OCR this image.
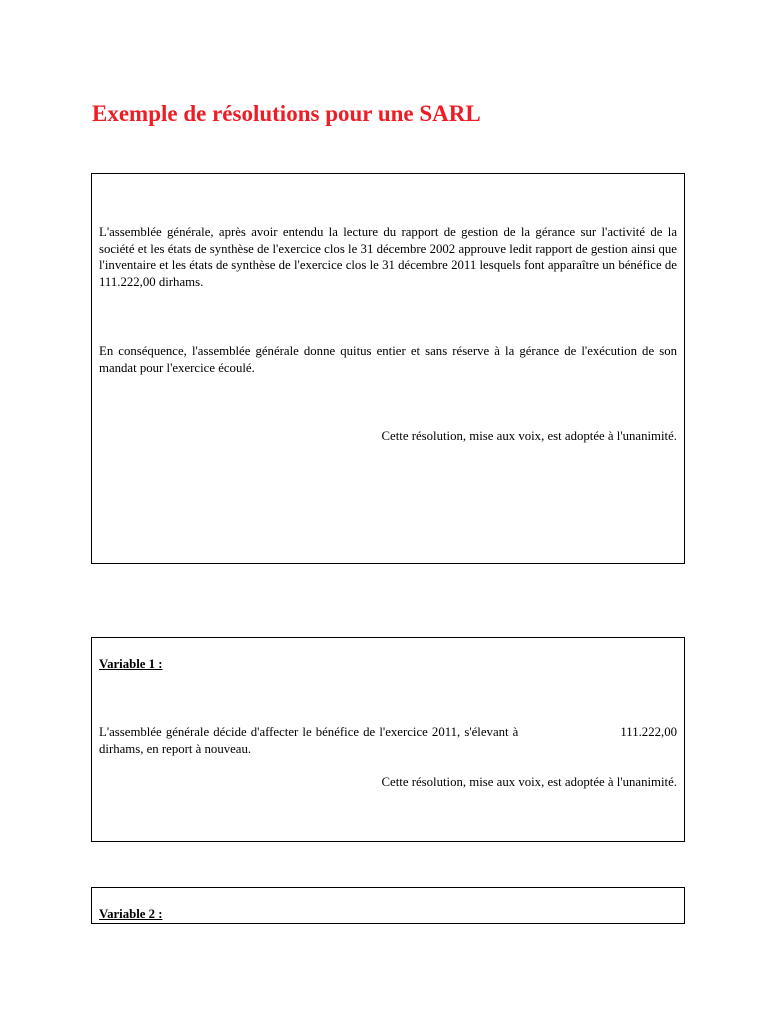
Exemple de résolutions pour une SARL
L'assemblée générale, après avoir entendu la lecture du rapport de gestion de la gérance sur l'activité de la société et les états de synthèse de l'exercice clos le 31 décembre 2002 approuve ledit rapport de gestion ainsi que l'inventaire et les états de synthèse de l'exercice clos le 31 décembre 2011 lesquels font apparaître un bénéfice de 111.222,00 dirhams.
En conséquence, l'assemblée générale donne quitus entier et sans réserve à la gérance de l'exécution de son mandat pour l'exercice écoulé.
Cette résolution, mise aux voix, est adoptée à l'unanimité.
Variable 1 :
L'assemblée générale décide d'affecter le bénéfice de l'exercice 2011, s'élevant à	111.222,00 dirhams, en report à nouveau.
Cette résolution, mise aux voix, est adoptée à l'unanimité.
Variable 2 :
